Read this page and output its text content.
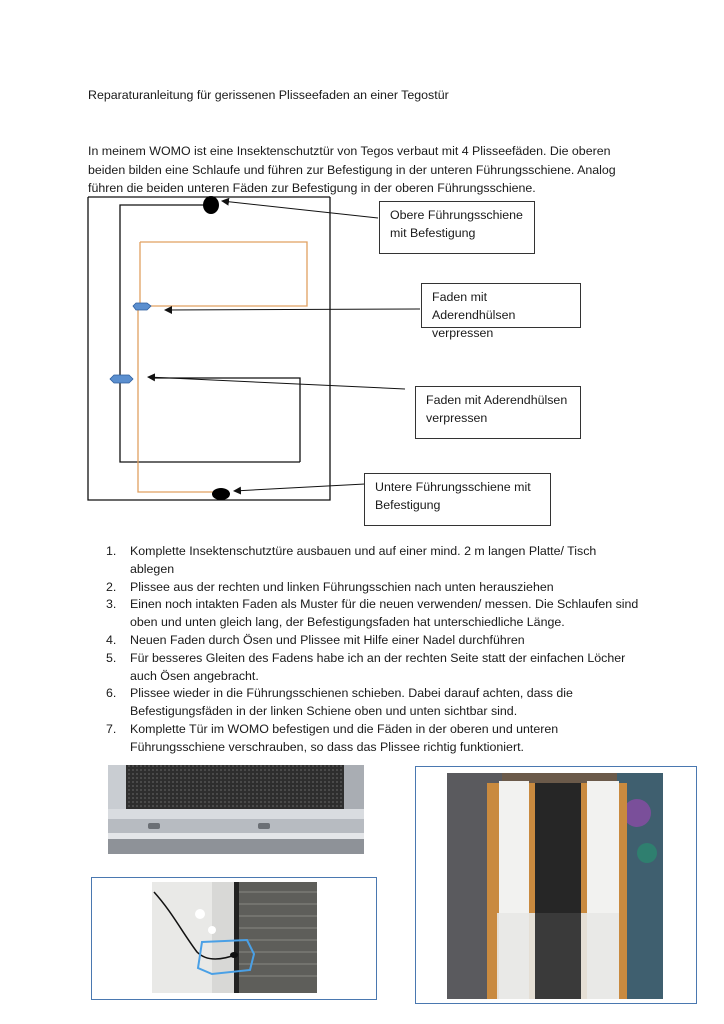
Reparaturanleitung für gerissenen Plisseefaden an einer Tegostür

In meinem WOMO ist eine Insektenschutztür von Tegos verbaut mit 4 Plisseefäden. Die oberen

beiden bilden eine Schlaufe und führen zur Befestigung in der unteren Führungsschiene. Analog

führen die beiden unteren Fäden zur Befestigung in der oberen Führungsschiene.

Obere Führungsschiene
mit Befestigung
Faden mit Aderendhülsen
verpressen
Faden mit Aderendhülsen
verpressen
Untere Führungsschiene mit
Befestigung
1. Komplette Insektenschutztüre ausbauen und auf einer mind. 2 m langen Platte/ Tisch
ablegen
2. Plissee aus der rechten und linken Führungsschien nach unten herausziehen
3. Einen noch intakten Faden als Muster für die neuen verwenden/ messen. Die Schlaufen sind
oben und unten gleich lang, der Befestigungsfaden hat unterschiedliche Länge.
4. Neuen Faden durch Ösen und Plissee mit Hilfe einer Nadel durchführen
5. Für besseres Gleiten des Fadens habe ich an der rechten Seite statt der einfachen Löcher
auch Ösen angebracht.
6. Plissee wieder in die Führungsschienen schieben. Dabei darauf achten, dass die
Befestigungsfäden in der linken Schiene oben und unten sichtbar sind.
7. Komplette Tür im WOMO befestigen und die Fäden in der oberen und unteren
Führungsschiene verschrauben, so dass das Plissee richtig funktioniert.
